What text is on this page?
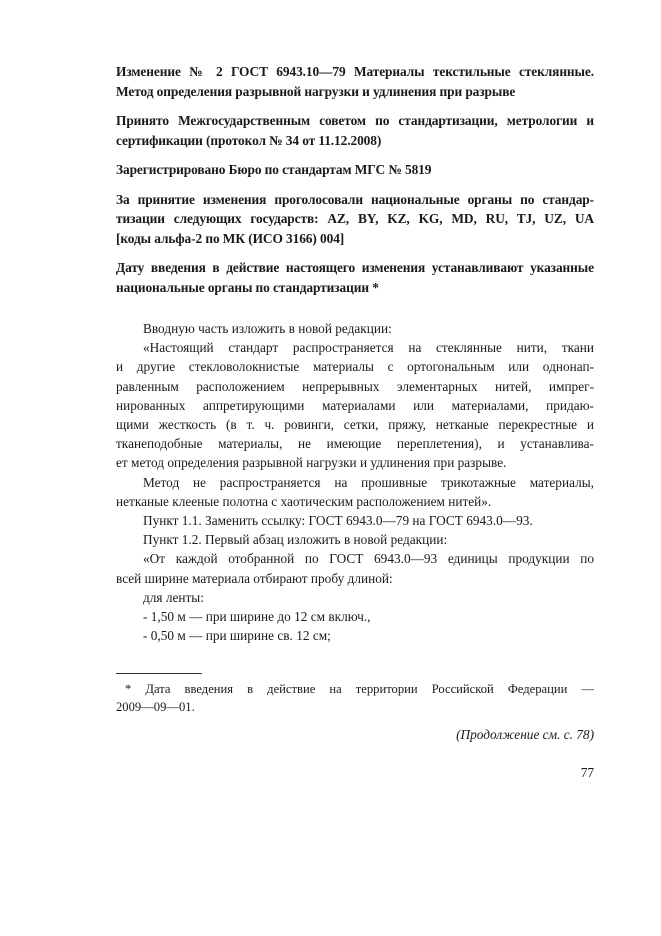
Изменение № 2 ГОСТ 6943.10—79 Материалы текстильные стеклянные.
Метод определения разрывной нагрузки и удлинения при разрыве
Принято Межгосударственным советом по стандартизации, метрологии и
сертификации (протокол № 34 от 11.12.2008)
Зарегистрировано Бюро по стандартам МГС № 5819
За принятие изменения проголосовали национальные органы по стандар-
тизации следующих государств: AZ, BY, KZ, KG, MD, RU, TJ, UZ, UA
[коды альфа-2 по МК (ИСО 3166) 004]
Дату введения в действие настоящего изменения устанавливают указанные
национальные органы по стандартизации *

Вводную часть изложить в новой редакции:

«Настоящий стандарт распространяется на стеклянные нити, ткани
и другие стекловолокнистые материалы с ортогональным или однонап-
равленным расположением непрерывных элементарных нитей, импрег-
нированных аппретирующими материалами или материалами, придаю-
щими жесткость (в т. ч. ровинги, сетки, пряжу, нетканые перекрестные и
тканеподобные материалы, не имеющие переплетения), и устанавлива-
ет метод определения разрывной нагрузки и удлинения при разрыве.

Метод не распространяется на прошивные трикотажные материалы,
нетканые клееные полотна с хаотическим расположением нитей».

Пункт 1.1. Заменить ссылку: ГОСТ 6943.0—79 на ГОСТ 6943.0—93.

Пункт 1.2. Первый абзац изложить в новой редакции:

«От каждой отобранной по ГОСТ 6943.0—93 единицы продукции по
всей ширине материала отбирают пробу длиной:

для ленты:

- 1,50 м — при ширине до 12 см включ.,

- 0,50 м — при ширине св. 12 см;

* Дата введения в действие на территории Российской Федерации —
2009—09—01.
(Продолжение см. с. 78)
77
